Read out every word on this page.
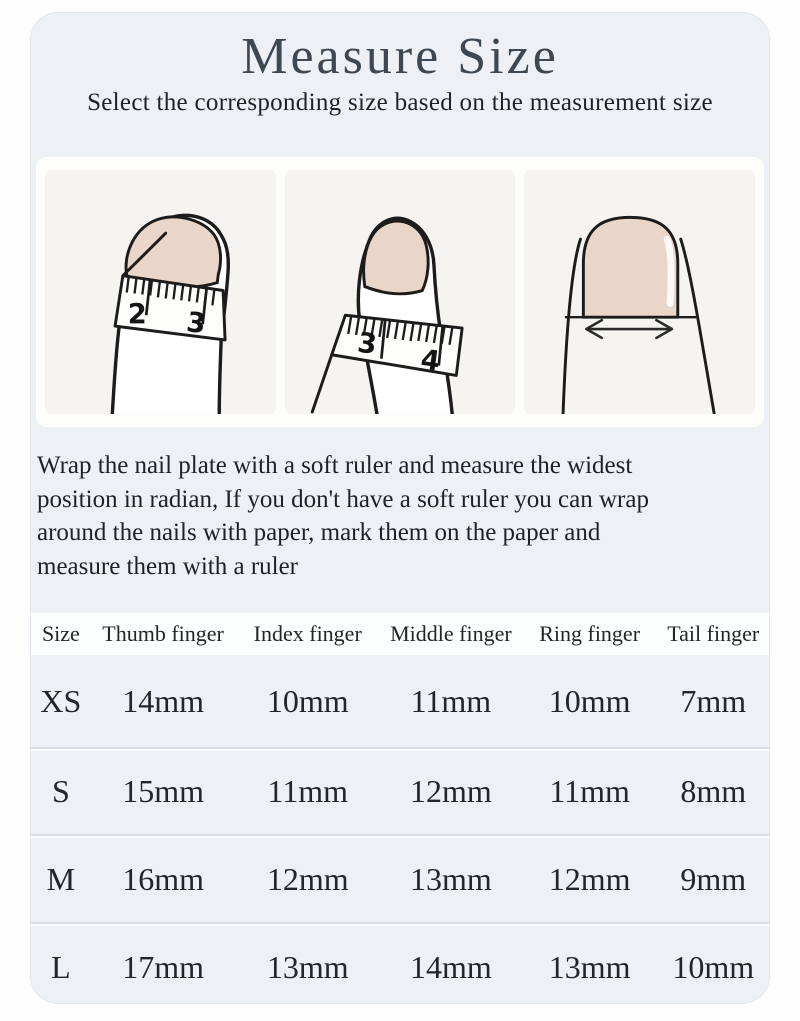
Measure Size
Select the corresponding size based on the measurement size
2 3
3 4

Wrap the nail plate with a soft ruler and measure the widest
position in radian, If you don't have a soft ruler you can wrap
around the nails with paper, mark them on the paper and
measure them with a ruler

Size	Thumb finger	Index finger	Middle finger	Ring finger	Tail finger
XS	14mm	10mm	11mm	10mm	7mm
S	15mm	11mm	12mm	11mm	8mm
M	16mm	12mm	13mm	12mm	9mm
L	17mm	13mm	14mm	13mm	10mm
